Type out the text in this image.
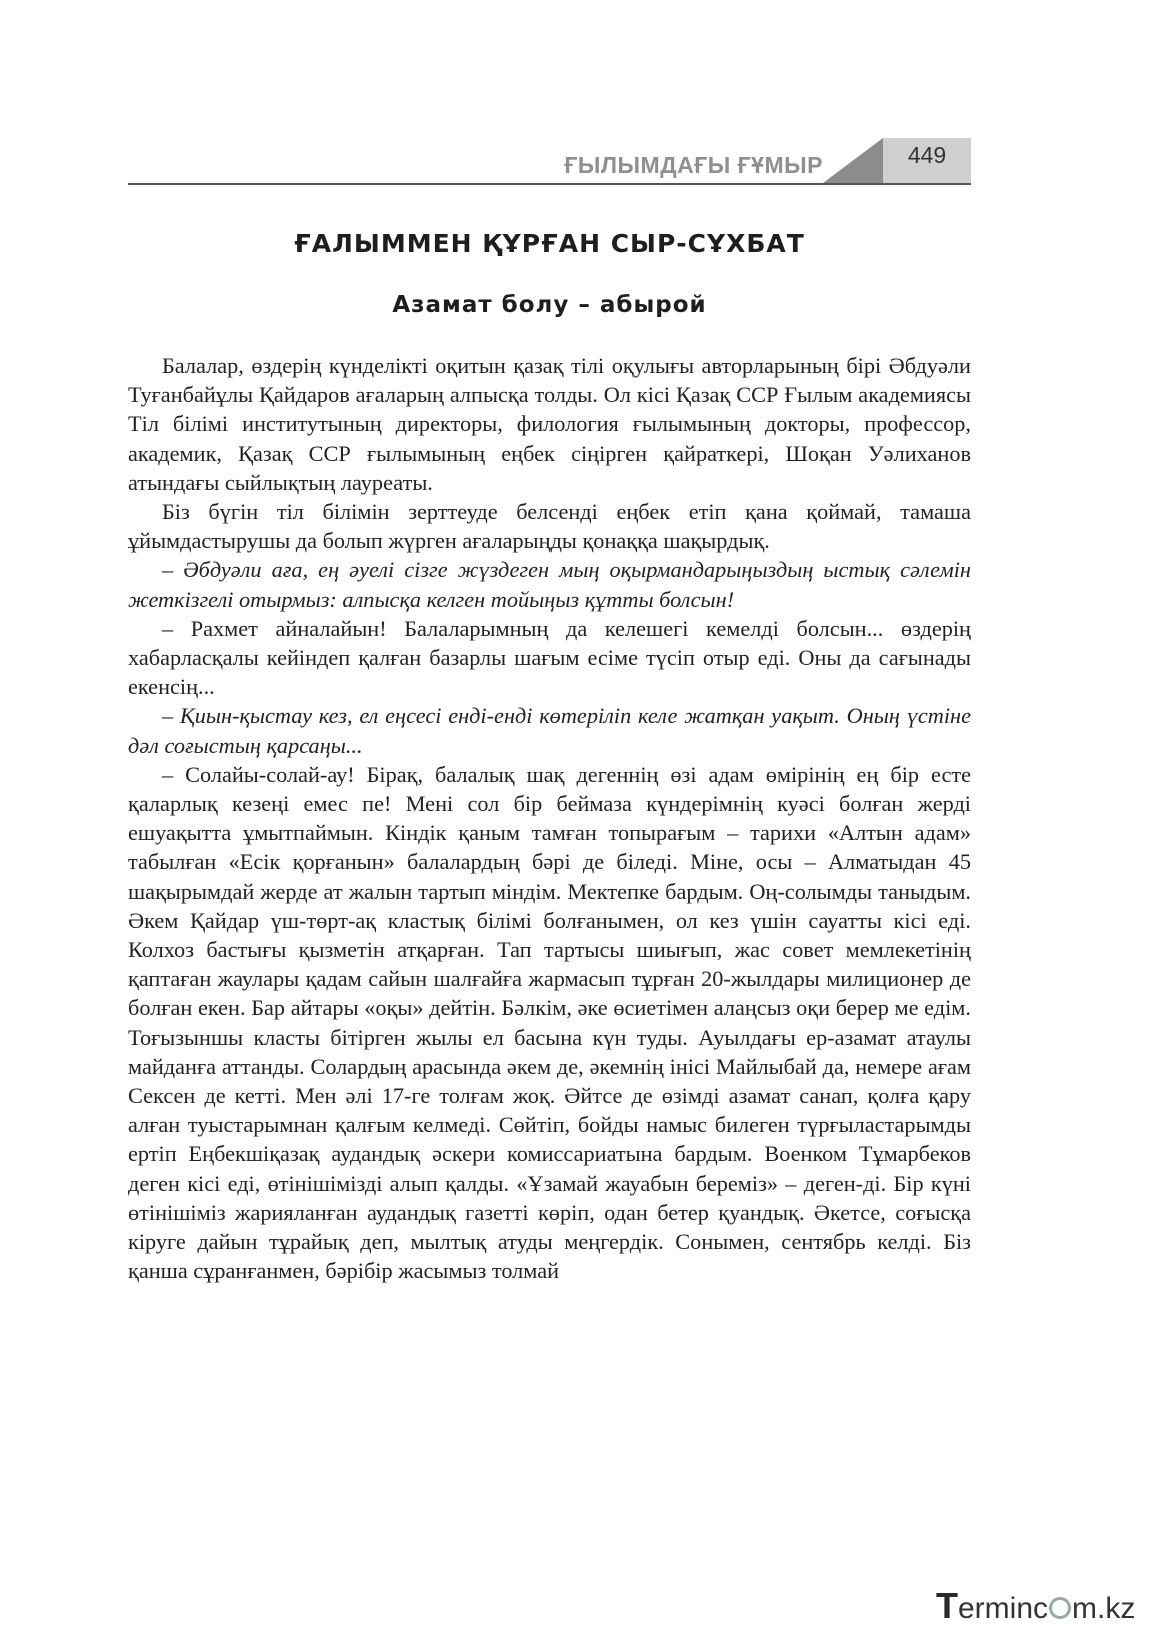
ҒЫЛЫМДАҒЫ ҒҰМЫР	449
ҒАЛЫММЕН ҚҰРҒАН СЫР-СҰХБАТ
Азамат болу – абырой

Балалар, өздерің күнделікті оқитын қазақ тілі оқулығы авторларының бірі Әбдуәли Туғанбайұлы Қайдаров ағаларың алпысқа толды. Ол кісі Қазақ ССР Ғылым академиясы Тіл білімі институтының директоры, филология ғылымының докторы, профессор, академик, Қазақ ССР ғылымының еңбек сіңірген қайраткері, Шоқан Уәлиханов атындағы сыйлықтың лауреаты.

Біз бүгін тіл білімін зерттеуде белсенді еңбек етіп қана қоймай, тамаша ұйымдастырушы да болып жүрген ағаларыңды қонаққа шақырдық.

– Әбдуәли аға, ең әуелі сізге жүздеген мың оқырмандарыңыздың ыстық сәлемін жеткізгелі отырмыз: алпысқа келген тойыңыз құтты болсын!

– Рахмет айналайын! Балаларымның да келешегі кемелді болсын... өздерің хабарласқалы кейіндеп қалған базарлы шағым есіме түсіп отыр еді. Оны да сағынады екенсің...

– Қиын-қыстау кез, ел еңсесі енді-енді көтеріліп келе жатқан уақыт. Оның үстіне дәл соғыстың қарсаңы...

– Солайы-солай-ау! Бірақ, балалық шақ дегеннің өзі адам өмірінің ең бір есте қаларлық кезеңі емес пе! Мені сол бір беймаза күндерімнің куәсі болған жерді ешуақытта ұмытпаймын. Кіндік қаным тамған топырағым – тарихи «Алтын адам» табылған «Есік қорғанын» балалардың бәрі де біледі. Міне, осы – Алматыдан 45 шақырымдай жерде ат жалын тартып міндім. Мектепке бардым. Оң-солымды таныдым. Әкем Қайдар үш-төрт-ақ кластық білімі болғанымен, ол кез үшін сауатты кісі еді. Колхоз бастығы қызметін атқарған. Тап тартысы шиығып, жас совет мемлекетінің қаптаған жаулары қадам сайын шалғайға жармасып тұрған 20-жылдары милиционер де болған екен. Бар айтары «оқы» дейтін. Бәлкім, әке өсиетімен алаңсыз оқи берер ме едім. Тоғызыншы класты бітірген жылы ел басына күн туды. Ауылдағы ер-азамат атаулы майданға аттанды. Солардың арасында әкем де, әкемнің інісі Майлыбай да, немере ағам Сексен де кетті. Мен әлі 17-ге толғам жоқ. Әйтсе де өзімді азамат санап, қолға қару алған туыстарымнан қалғым келмеді. Сөйтіп, бойды намыс билеген түрғыластарымды ертіп Еңбекшіқазақ аудандық әскери комиссариатына бардым. Военком Тұмарбеков деген кісі еді, өтінішімізді алып қалды. «Ұзамай жауабын береміз» – деген-ді. Бір күні өтінішіміз жарияланған аудандық газетті көріп, одан бетер қуандық. Әкетсе, соғысқа кіруге дайын тұрайық деп, мылтық атуды меңгердік. Сонымен, сентябрь келді. Біз қанша сұранғанмен, бәрібір жасымыз толмай

Terminc m.kz
